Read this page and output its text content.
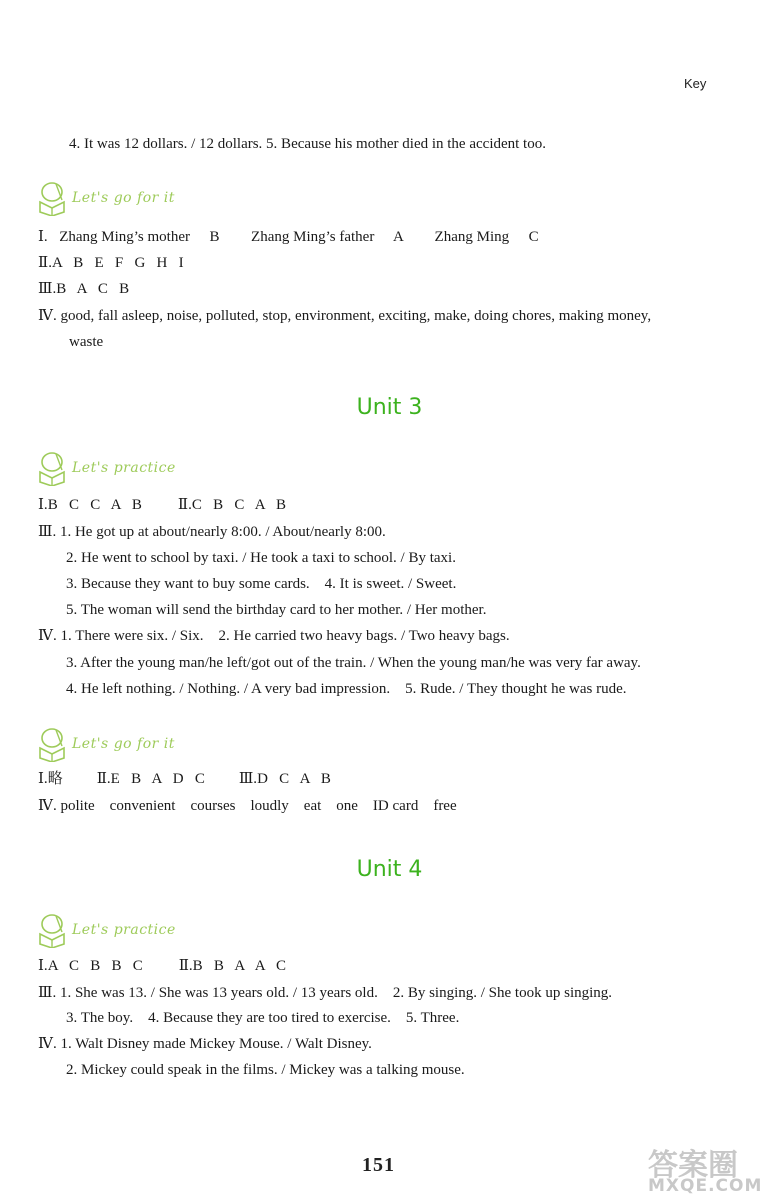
Key
4. It was 12 dollars. / 12 dollars. 5. Because his mother died in the accident too.
Let's go for it
Ⅰ. Zhang Ming’s mother B Zhang Ming’s father A Zhang Ming C
Ⅱ.A   B   E   F   G   H   I
Ⅲ.B   A   C   B
Ⅳ. good, fall asleep, noise, polluted, stop, environment, exciting, make, doing chores, making money,
waste
Unit 3
Let's practice
Ⅰ.B   C   C   A   B Ⅱ.C   B   C   A   B
Ⅲ. 1. He got up at about/nearly 8:00. / About/nearly 8:00.
2. He went to school by taxi. / He took a taxi to school. / By taxi.
3. Because they want to buy some cards.    4. It is sweet. / Sweet.
5. The woman will send the birthday card to her mother. / Her mother.
Ⅳ. 1. There were six. / Six.    2. He carried two heavy bags. / Two heavy bags.
3. After the young man/he left/got out of the train. / When the young man/he was very far away.
4. He left nothing. / Nothing. / A very bad impression.    5. Rude. / They thought he was rude.
Let's go for it
Ⅰ.略 Ⅱ.E   B   A   D   C Ⅲ.D   C   A   B
Ⅳ. polite    convenient    courses    loudly    eat    one    ID card    free
Unit 4
Let's practice
Ⅰ.A   C   B   B   C Ⅱ.B   B   A   A   C
Ⅲ. 1. She was 13. / She was 13 years old. / 13 years old.    2. By singing. / She took up singing.
3. The boy.    4. Because they are too tired to exercise.    5. Three.
Ⅳ. 1. Walt Disney made Mickey Mouse. / Walt Disney.
2. Mickey could speak in the films. / Mickey was a talking mouse.
151	答案圈
MXQE.COM
